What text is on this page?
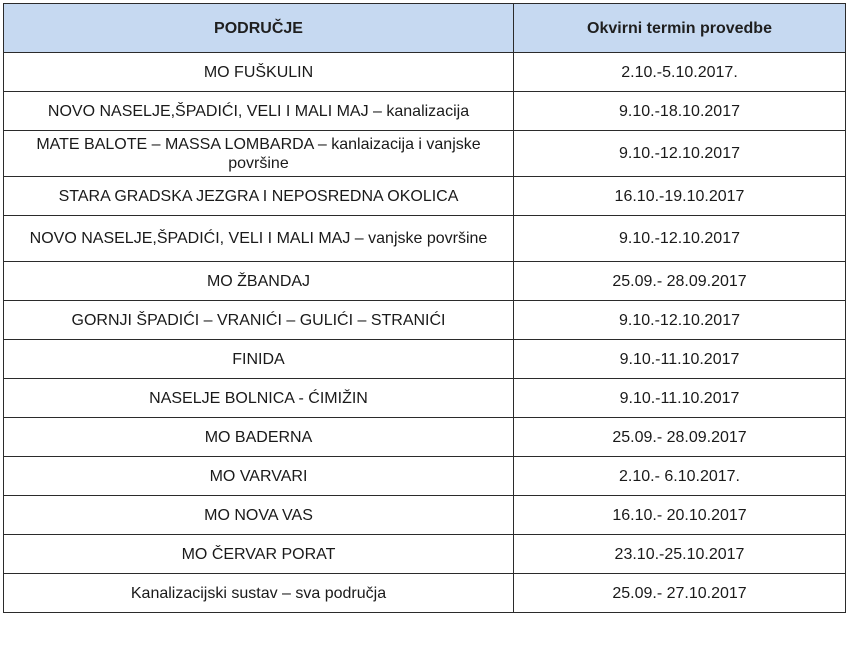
PODRUČJE	Okvirni termin provedbe
MO FUŠKULIN	2.10.-5.10.2017.
NOVO NASELJE,ŠPADIĆI, VELI I MALI MAJ – kanalizacija	9.10.-18.10.2017
MATE BALOTE – MASSA LOMBARDA – kanlaizacija i vanjske površine	9.10.-12.10.2017
STARA GRADSKA JEZGRA I NEPOSREDNA OKOLICA	16.10.-19.10.2017
NOVO NASELJE,ŠPADIĆI, VELI I MALI MAJ – vanjske površine	9.10.-12.10.2017
MO ŽBANDAJ	25.09.- 28.09.2017
GORNJI ŠPADIĆI – VRANIĆI – GULIĆI – STRANIĆI	9.10.-12.10.2017
FINIDA	9.10.-11.10.2017
NASELJE BOLNICA - ĆIMIŽIN	9.10.-11.10.2017
MO BADERNA	25.09.- 28.09.2017
MO VARVARI	2.10.- 6.10.2017.
MO NOVA VAS	16.10.- 20.10.2017
MO ČERVAR PORAT	23.10.-25.10.2017
Kanalizacijski sustav – sva područja	25.09.- 27.10.2017
